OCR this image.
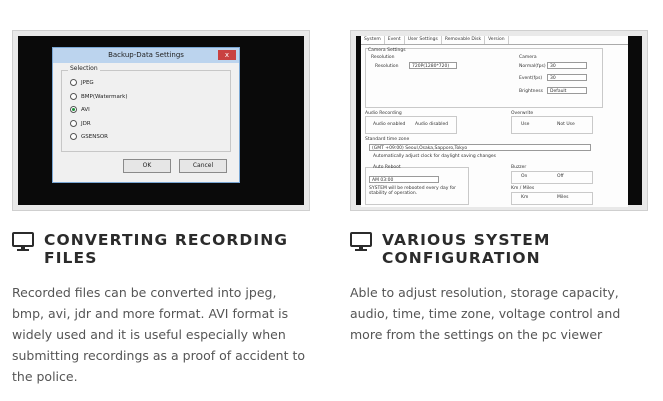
Backup-Data Settings	x
Selection
JPEG
BMP(Watermark)
AVI
JDR
GSENSOR
OK	Cancel
CONVERTING RECORDING FILES
Recorded files can be converted into jpeg, bmp, avi, jdr and more format. AVI format is widely used and it is useful especially when submitting recordings as a proof of accident to the police.
System	Event	User Settings	Removable Disk	Version
Camera Settings
Resolution
Resolution	720P(1280*720)
Camera
Normal(fps) 30
Event(fps)	30
Brightness	Default
Audio Recording
Audio enabled Audio disabled
Overwrite
Use	Not Use
Standard time zone
(GMT +09:00) Seoul,Osaka,Sapporo,Tokyo
Automatically adjust clock for daylight saving changes
Auto Reboot
AM 03:00
SYSTEM will be rebooted every day for stability of operation.
Buzzer
On	Off
Km / Miles
Km	Miles
VARIOUS SYSTEM CONFIGURATION
Able to adjust resolution, storage capacity, audio, time, time zone, voltage control and more from the settings on the pc viewer
